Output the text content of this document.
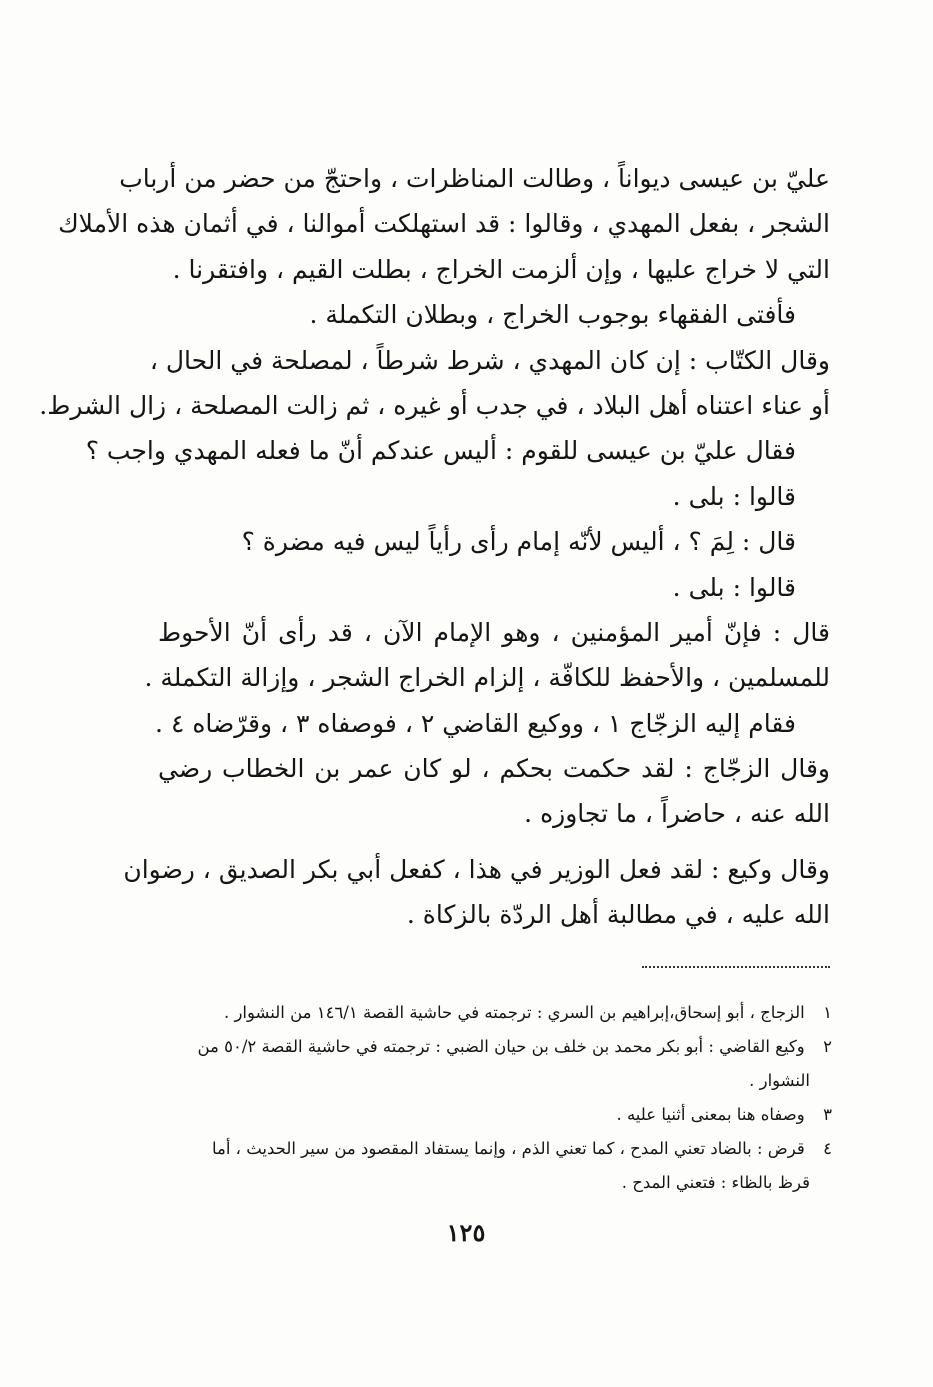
عليّ بن عيسى ديواناً ، وطالت المناظرات ، واحتجّ من حضر من أرباب
الشجر ، بفعل المهدي ، وقالوا : قد استهلكت أموالنا ، في أثمان هذه الأملاك
التي لا خراج عليها ، وإن ألزمت الخراج ، بطلت القيم ، وافتقرنا .
فأفتى الفقهاء بوجوب الخراج ، وبطلان التكملة .
وقال الكتّاب : إن كان المهدي ، شرط شرطاً ، لمصلحة في الحال ،
أو عناء اعتناه أهل البلاد ، في جدب أو غيره ، ثم زالت المصلحة ، زال الشرط.
فقال عليّ بن عيسى للقوم : أليس عندكم أنّ ما فعله المهدي واجب ؟
قالوا : بلى .
قال : لِمَ ؟ ، أليس لأنّه إمام رأى رأياً ليس فيه مضرة ؟
قالوا : بلى .
قال : فإنّ أمير المؤمنين ، وهو الإمام الآن ، قد رأى أنّ الأحوط
للمسلمين ، والأحفظ للكافّة ، إلزام الخراج الشجر ، وإزالة التكملة .
فقام إليه الزجّاج ١ ، ووكيع القاضي ٢ ، فوصفاه ٣ ، وقرّضاه ٤ .
وقال الزجّاج : لقد حكمت بحكم ، لو كان عمر بن الخطاب رضي
الله عنه ، حاضراً ، ما تجاوزه .
وقال وكيع : لقد فعل الوزير في هذا ، كفعل أبي بكر الصديق ، رضوان
الله عليه ، في مطالبة أهل الردّة بالزكاة .
١ الزجاج ، أبو إسحاق،إبراهيم بن السري : ترجمته في حاشية القصة ١٤٦/١ من النشوار .
٢ وكيع القاضي : أبو بكر محمد بن خلف بن حيان الضبي : ترجمته في حاشية القصة ٥٠/٢ من
النشوار .
٣ وصفاه هنا بمعنى أثنيا عليه .
٤ قرض : بالضاد تعني المدح ، كما تعني الذم ، وإنما يستفاد المقصود من سير الحديث ، أما
قرظ بالظاء : فتعني المدح .
١٢٥
